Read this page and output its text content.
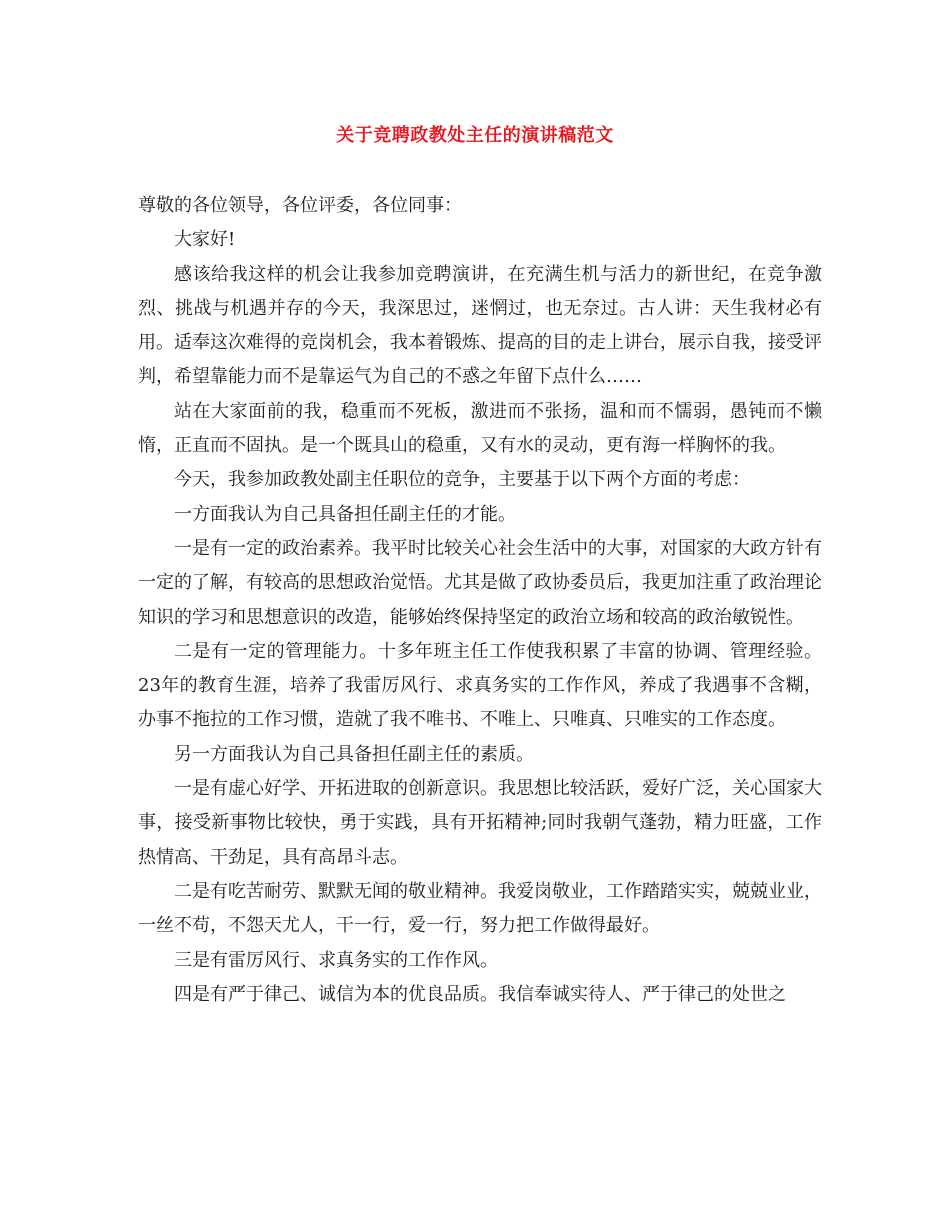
关于竞聘政教处主任的演讲稿范文

尊敬的各位领导，各位评委，各位同事：

大家好!

感该给我这样的机会让我参加竞聘演讲，在充满生机与活力的新世纪，在竞争激烈、挑战与机遇并存的今天，我深思过，迷惘过，也无奈过。古人讲：天生我材必有用。适奉这次难得的竞岗机会，我本着锻炼、提高的目的走上讲台，展示自我，接受评判，希望靠能力而不是靠运气为自己的不惑之年留下点什么……

站在大家面前的我，稳重而不死板，激进而不张扬，温和而不懦弱，愚钝而不懒惰，正直而不固执。是一个既具山的稳重，又有水的灵动，更有海一样胸怀的我。

今天，我参加政教处副主任职位的竞争，主要基于以下两个方面的考虑：

一方面我认为自己具备担任副主任的才能。

一是有一定的政治素养。我平时比较关心社会生活中的大事，对国家的大政方针有一定的了解，有较高的思想政治觉悟。尤其是做了政协委员后，我更加注重了政治理论知识的学习和思想意识的改造，能够始终保持坚定的政治立场和较高的政治敏锐性。

二是有一定的管理能力。十多年班主任工作使我积累了丰富的协调、管理经验。23年的教育生涯，培养了我雷厉风行、求真务实的工作作风，养成了我遇事不含糊，办事不拖拉的工作习惯，造就了我不唯书、不唯上、只唯真、只唯实的工作态度。

另一方面我认为自己具备担任副主任的素质。

一是有虚心好学、开拓进取的创新意识。我思想比较活跃，爱好广泛，关心国家大事，接受新事物比较快，勇于实践，具有开拓精神;同时我朝气蓬勃，精力旺盛，工作热情高、干劲足，具有高昂斗志。

二是有吃苦耐劳、默默无闻的敬业精神。我爱岗敬业，工作踏踏实实，兢兢业业，一丝不苟，不怨天尤人，干一行，爱一行，努力把工作做得最好。

三是有雷厉风行、求真务实的工作作风。

四是有严于律己、诚信为本的优良品质。我信奉诚实待人、严于律己的处世之
